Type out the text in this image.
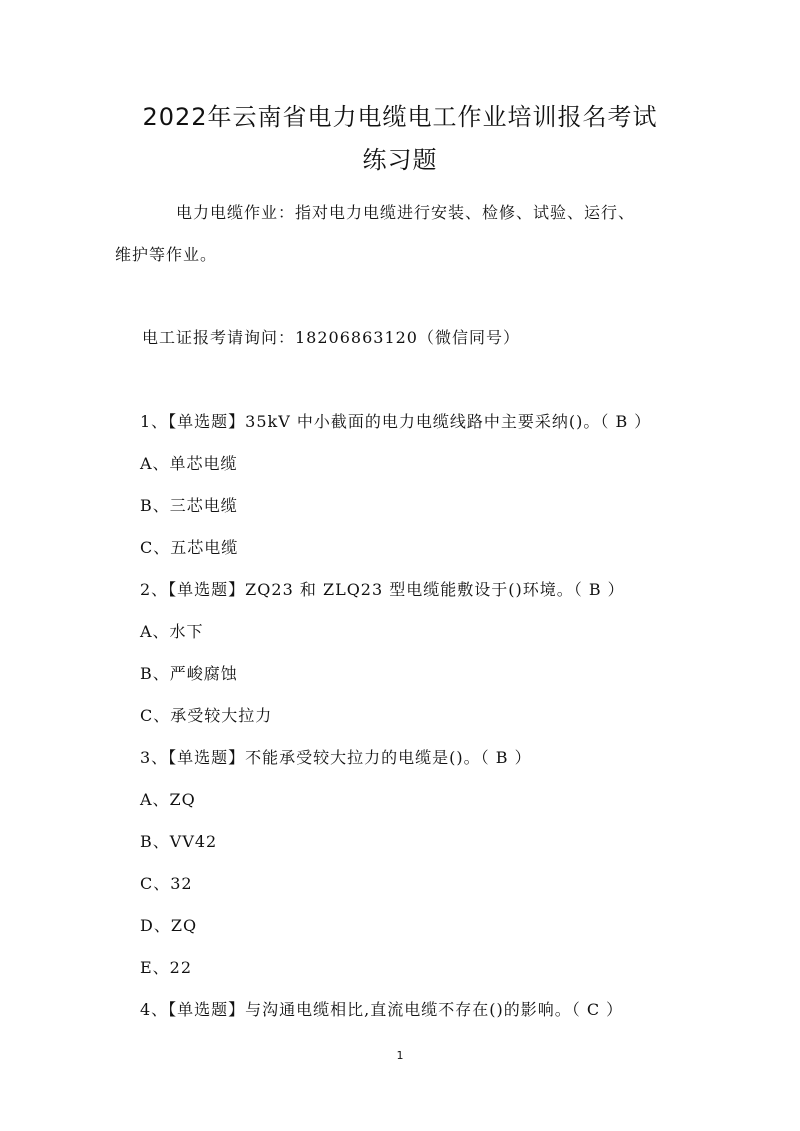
2022年云南省电力电缆电工作业培训报名考试
练习题
电力电缆作业：指对电力电缆进行安装、检修、试验、运行、
维护等作业。
电工证报考请询问：18206863120（微信同号）
1、【单选题】35kV 中小截面的电力电缆线路中主要采纳()。（ B ）
A、单芯电缆
B、三芯电缆
C、五芯电缆
2、【单选题】ZQ23 和 ZLQ23 型电缆能敷设于()环境。（ B ）
A、水下
B、严峻腐蚀
C、承受较大拉力
3、【单选题】不能承受较大拉力的电缆是()。（ B ）
A、ZQ
B、VV42
C、32
D、ZQ
E、22
4、【单选题】与沟通电缆相比,直流电缆不存在()的影响。（ C ）
1
